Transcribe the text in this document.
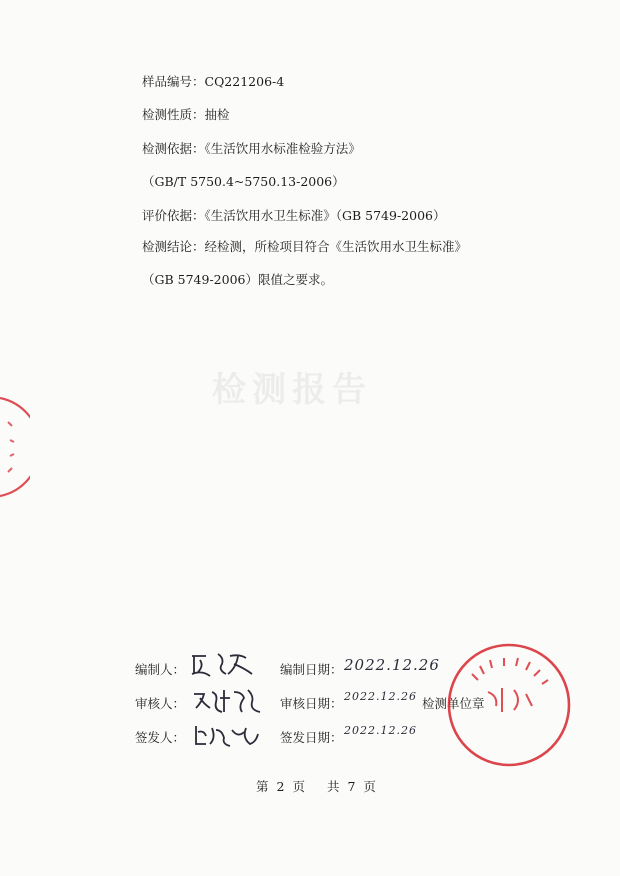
检测报告
样品编号：CQ221206-4
检测性质：抽检
检测依据：《生活饮用水标准检验方法》
（GB/T 5750.4~5750.13-2006）
评价依据：《生活饮用水卫生标准》（GB 5749-2006）
检测结论：经检测，所检项目符合《生活饮用水卫生标准》
（GB 5749-2006）限值之要求。
编制人：	编制日期： 2022.12.26
审核人：	审核日期： 2022.12.26 检测单位章
签发人：	签发日期： 2022.12.26
第 2 页 共 7 页
